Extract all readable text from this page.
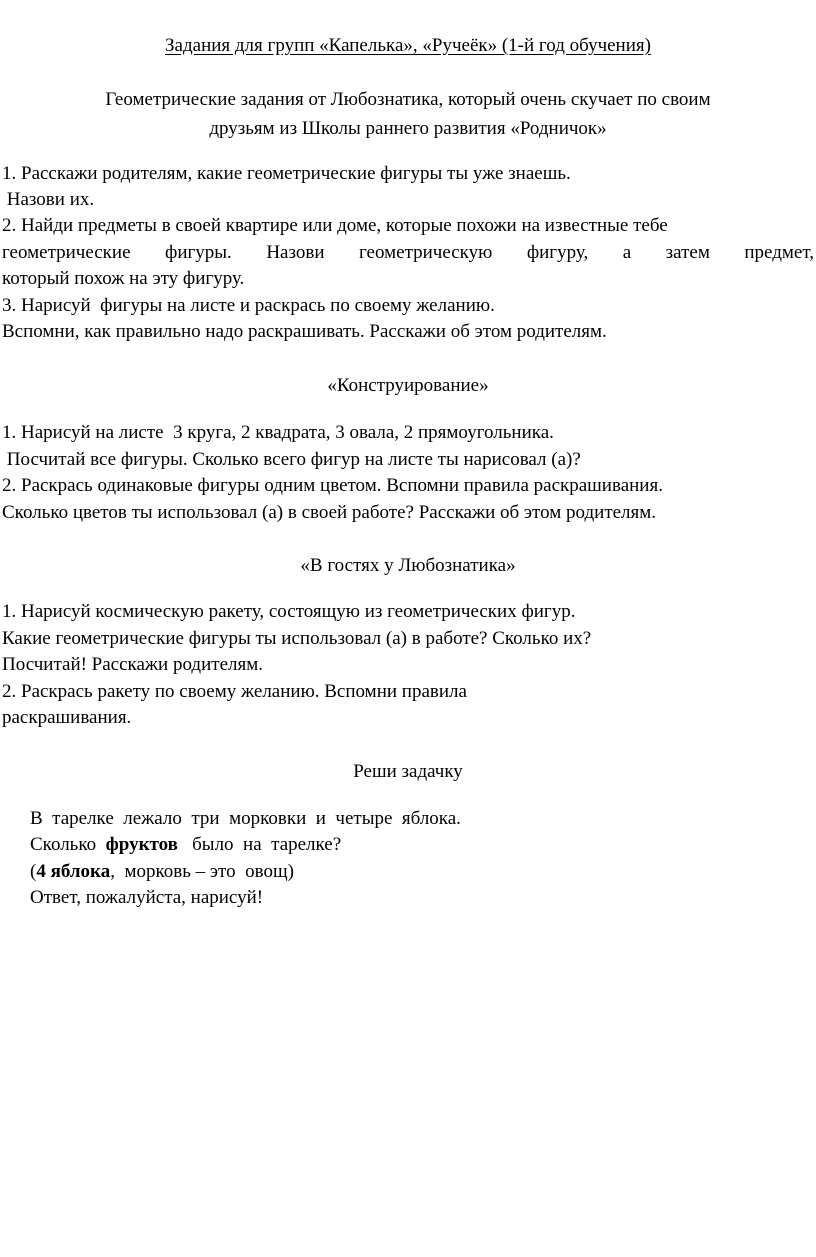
Задания для групп «Капелька», «Ручеёк» (1-й год обучения)
Геометрические задания от Любознатика, который очень скучает по своим
друзьям из Школы раннего развития «Родничок»
1. Расскажи родителям, какие геометрические фигуры ты уже знаешь.
Назови их.
2. Найди предметы в своей квартире или доме, которые похожи на известные тебе
геометрические фигуры. Назови геометрическую фигуру, а затем предмет,
который похож на эту фигуру.
3. Нарисуй  фигуры на листе и раскрась по своему желанию.
Вспомни, как правильно надо раскрашивать. Расскажи об этом родителям.
«Конструирование»
1. Нарисуй на листе  3 круга, 2 квадрата, 3 овала, 2 прямоугольника.
Посчитай все фигуры. Сколько всего фигур на листе ты нарисовал (а)?
2. Раскрась одинаковые фигуры одним цветом. Вспомни правила раскрашивания.
Сколько цветов ты использовал (а) в своей работе? Расскажи об этом родителям.
«В гостях у Любознатика»
1. Нарисуй космическую ракету, состоящую из геометрических фигур.
Какие геометрические фигуры ты использовал (а) в работе? Сколько их?
Посчитай! Расскажи родителям.
2. Раскрась ракету по своему желанию. Вспомни правила
раскрашивания.
Реши задачку
В  тарелке  лежало  три  морковки  и  четыре  яблока.
Сколько  фруктов   было  на  тарелке?
(4 яблока,  морковь – это  овощ)
Ответ, пожалуйста, нарисуй!
